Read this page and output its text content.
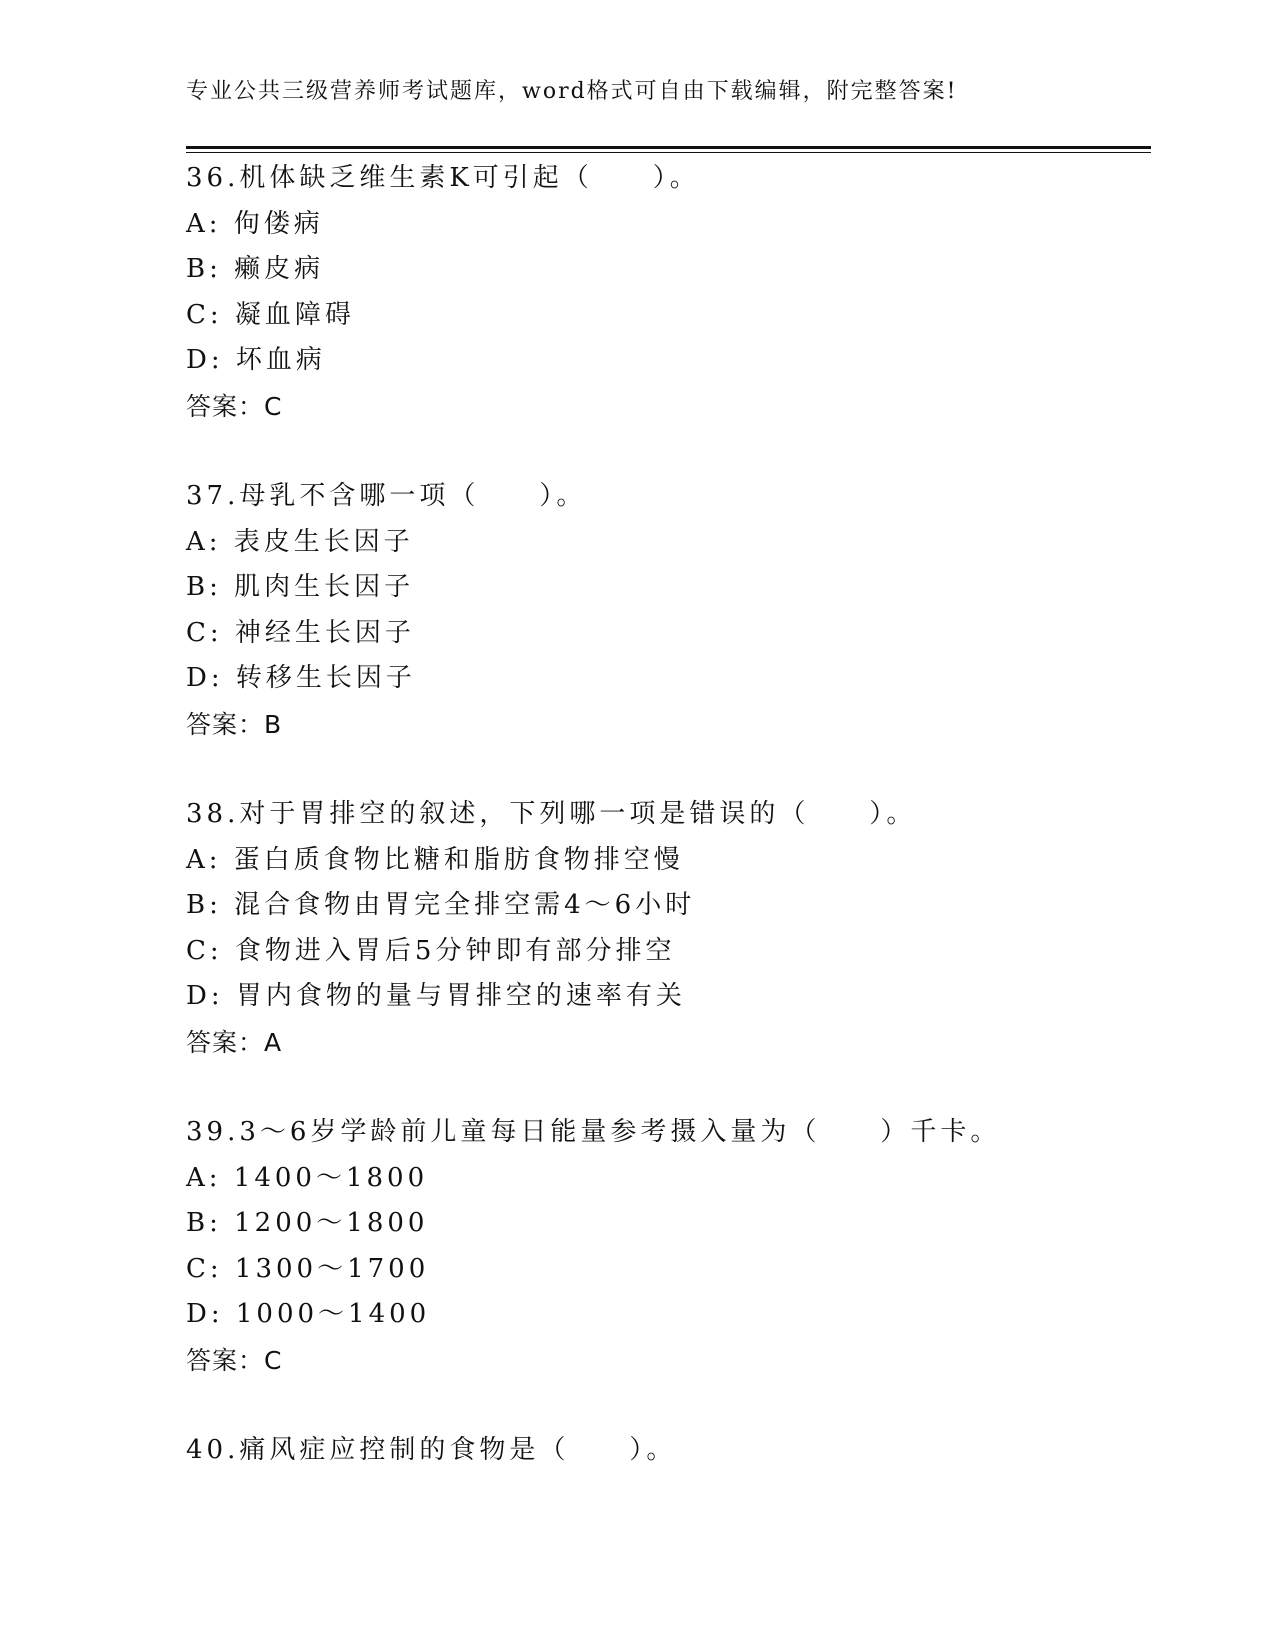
专业公共三级营养师考试题库，word格式可自由下载编辑，附完整答案!
36.机体缺乏维生素K可引起（　　）。
A: 佝偻病
B: 癞皮病
C: 凝血障碍
D: 坏血病
答案：C
37.母乳不含哪一项（　　）。
A: 表皮生长因子
B: 肌肉生长因子
C: 神经生长因子
D: 转移生长因子
答案：B
38.对于胃排空的叙述，下列哪一项是错误的（　　）。
A: 蛋白质食物比糖和脂肪食物排空慢
B: 混合食物由胃完全排空需4～6小时
C: 食物进入胃后5分钟即有部分排空
D: 胃内食物的量与胃排空的速率有关
答案：A
39.3～6岁学龄前儿童每日能量参考摄入量为（　　）千卡。
A: 1400～1800
B: 1200～1800
C: 1300～1700
D: 1000～1400
答案：C
40.痛风症应控制的食物是（　　）。
